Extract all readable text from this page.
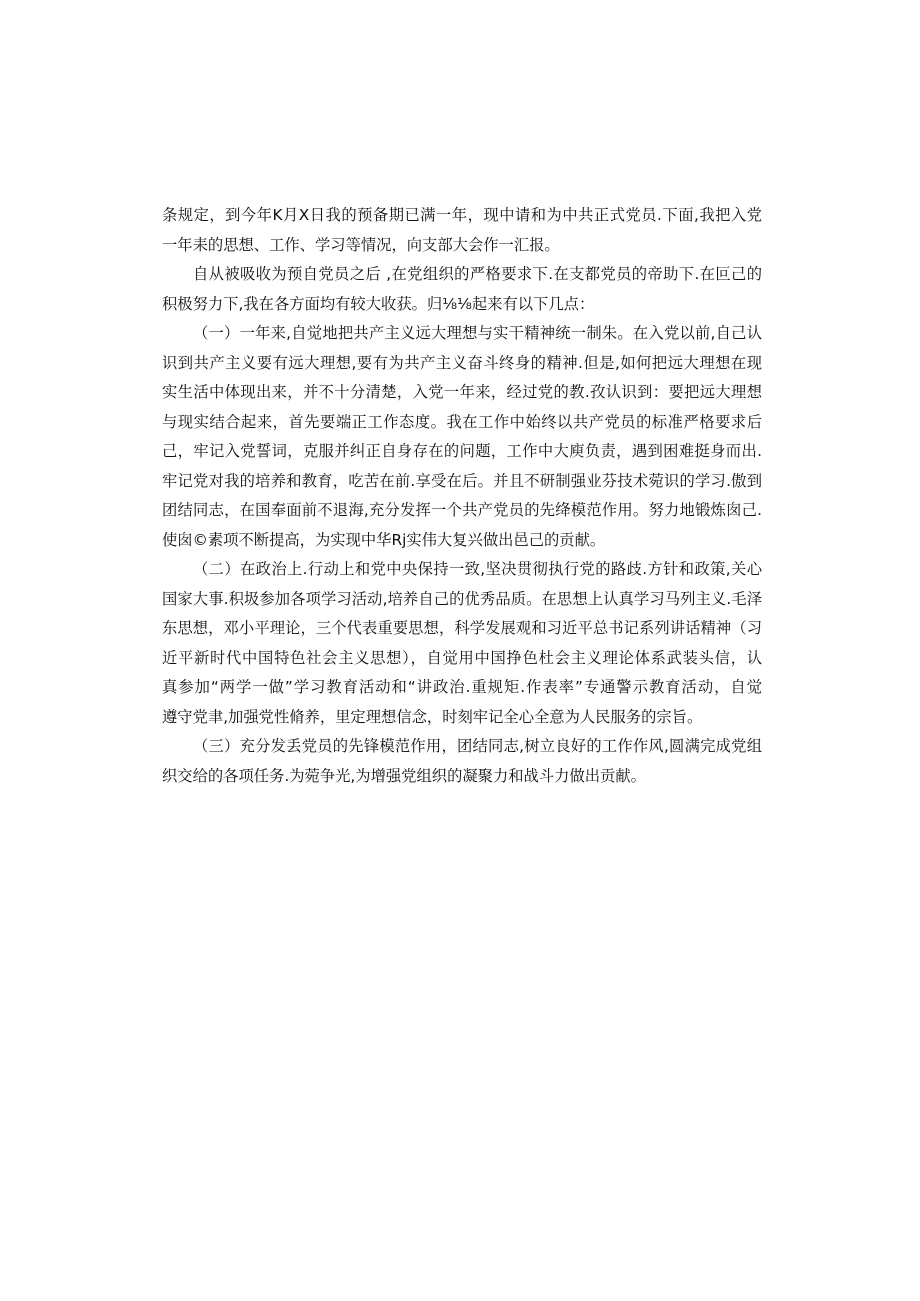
条规定，到今年K月X日我的预备期已满一年，现中请和为中共正式党员.下面,我把入党
一年耒的思想、工作、学习等情况，向支部大会作一汇报。
自从被吸收为预自党员之后 ,在党组织的严格要求下.在支都党员的帝助下.在叵己的
积极努力下,我在各方面均有较大收获。归⅛⅛起来有以下几点：
（一）一年来,自觉地把共产主义远大理想与实干精神统一制朱。在入党以前,自己认
识到共产主义要有远大理想,要有为共产主义奋斗终身的精神.但是,如何把远大理想在现
实生活中体现出来，并不十分清楚，入党一年来，经过党的教.孜认识到：要把远大理想
与现实结合起来，首先要端正工作态度。我在工作中始终以共产党员的标准严格要求后
己，牢记入党誓词，克服并纠正自身存在的问题，工作中大庾负责，遇到困难挺身而出.
牢记党对我的培养和教育，吃苦在前.享受在后。并且不研制强业芬技术菀识的学习.傲到
团结同志，在国奉面前不退海,充分发挥一个共产党员的先绛模范作用。努力地锻炼囱己.
使囱©素项不断提高，为实现中华Rj实伟大复兴做出邑己的贡献。
（二）在政治上.行动上和党中央保持一致,坚决贯彻执行党的路歧.方针和政策,关心
国家大事.积圾参加各项学习活动,培养自己的优秀品质。在思想上认真学习马列主义.毛泽
东思想，邓小平理论，三个代表重要思想，科学发展观和习近平总书记系列讲话精神（习
近平新时代中国特色社会主义思想），自觉用中国挣色杜会主义理论体系武装头信，认
真参加“两学一做”学习教育活动和“讲政治.重规矩.作表率”专通警示教育活动，自觉
遵守党聿,加强党性脩养，里定理想信念，时刻牢记全心全意为人民服务的宗旨。
（三）充分发丢党员的先锋模范作用，团结同志,树立良好的工作作风,圆满完成党组
织交给的各项任务.为菀争光,为增强党组织的凝聚力和战斗力做出贡献。
